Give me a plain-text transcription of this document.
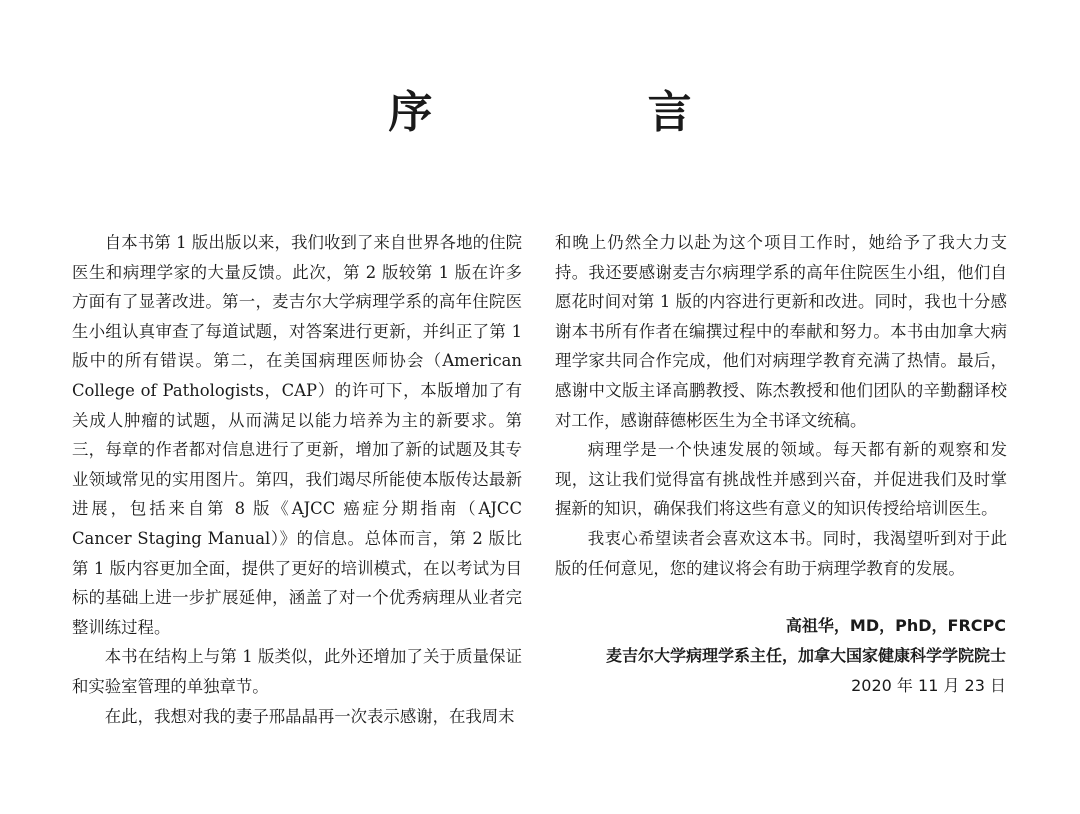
序 言

自本书第 1 版出版以来，我们收到了来自世界各地的住院医生和病理学家的大量反馈。此次，第 2 版较第 1 版在许多方面有了显著改进。第一，麦吉尔大学病理学系的高年住院医生小组认真审查了每道试题，对答案进行更新，并纠正了第 1 版中的所有错误。第二，在美国病理医师协会（American College of Pathologists，CAP）的许可下，本版增加了有关成人肿瘤的试题，从而满足以能力培养为主的新要求。第三，每章的作者都对信息进行了更新，增加了新的试题及其专业领域常见的实用图片。第四，我们竭尽所能使本版传达最新进展，包括来自第 8 版《AJCC 癌症分期指南（AJCC Cancer Staging Manual）》的信息。总体而言，第 2 版比第 1 版内容更加全面，提供了更好的培训模式，在以考试为目标的基础上进一步扩展延伸，涵盖了对一个优秀病理从业者完整训练过程。

本书在结构上与第 1 版类似，此外还增加了关于质量保证和实验室管理的单独章节。

在此，我想对我的妻子邢晶晶再一次表示感谢，在我周末

和晚上仍然全力以赴为这个项目工作时，她给予了我大力支持。我还要感谢麦吉尔病理学系的高年住院医生小组，他们自愿花时间对第 1 版的内容进行更新和改进。同时，我也十分感谢本书所有作者在编撰过程中的奉献和努力。本书由加拿大病理学家共同合作完成，他们对病理学教育充满了热情。最后，感谢中文版主译高鹏教授、陈杰教授和他们团队的辛勤翻译校对工作，感谢薛德彬医生为全书译文统稿。

病理学是一个快速发展的领域。每天都有新的观察和发现，这让我们觉得富有挑战性并感到兴奋，并促进我们及时掌握新的知识，确保我们将这些有意义的知识传授给培训医生。

我衷心希望读者会喜欢这本书。同时，我渴望听到对于此版的任何意见，您的建议将会有助于病理学教育的发展。

高祖华，MD，PhD，FRCPC
麦吉尔大学病理学系主任，加拿大国家健康科学学院院士
2020 年 11 月 23 日
